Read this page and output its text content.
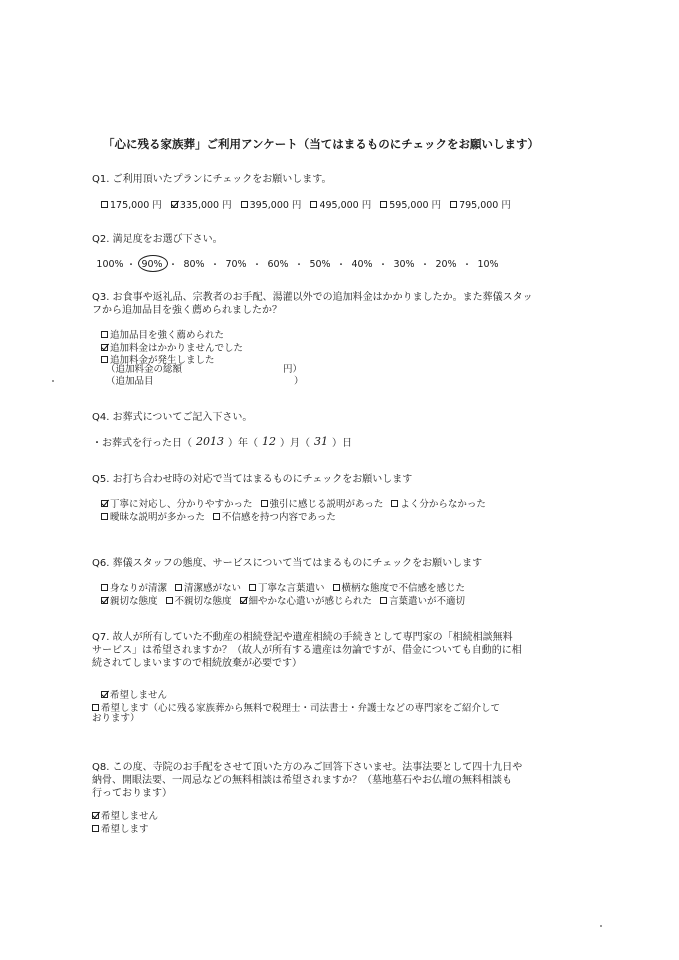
「心に残る家族葬」ご利用アンケート（当てはまるものにチェックをお願いします）
Q1. ご利用頂いたプランにチェックをお願いします。
175,000 円 335,000 円 395,000 円 495,000 円 595,000 円 795,000 円
Q2. 満足度をお選び下さい。
100% ・ 90% ・ 80% ・ 70% ・ 60% ・ 50% ・ 40% ・ 30% ・ 20% ・ 10%
Q3. お食事や返礼品、宗教者のお手配、湯灌以外での追加料金はかかりましたか。また葬儀スタッ
フから追加品目を強く薦められましたか？
追加品目を強く薦められた
追加料金はかかりませんでした
追加料金が発生しました
（追加料金の総額	円）
（追加品目	）
Q4. お葬式についてご記入下さい。
・お葬式を行った日（ 2013 ）年（ 12 ）月（ 31 ）日
Q5. お打ち合わせ時の対応で当てはまるものにチェックをお願いします
丁寧に対応し、分かりやすかった 強引に感じる説明があった よく分からなかった
曖昧な説明が多かった 不信感を持つ内容であった
Q6. 葬儀スタッフの態度、サービスについて当てはまるものにチェックをお願いします
身なりが清潔 清潔感がない 丁寧な言葉遣い 横柄な態度で不信感を感じた
親切な態度 不親切な態度 細やかな心遣いが感じられた 言葉遣いが不適切
Q7. 故人が所有していた不動産の相続登記や遺産相続の手続きとして専門家の「相続相談無料
サービス」は希望されますか？（故人が所有する遺産は勿論ですが、借金についても自動的に相
続されてしまいますので相続放棄が必要です）
希望しません
希望します（心に残る家族葬から無料で税理士・司法書士・弁護士などの専門家をご紹介して
おります）
Q8. この度、寺院のお手配をさせて頂いた方のみご回答下さいませ。法事法要として四十九日や
納骨、開眼法要、一周忌などの無料相談は希望されますか？（墓地墓石やお仏壇の無料相談も
行っております）
希望しません
希望します
